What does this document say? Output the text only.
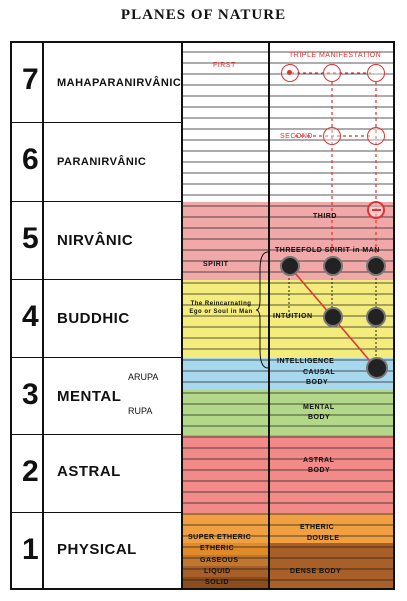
PLANES OF NATURE
7 MAHAPARANIRVÂNIC
6 PARANIRVÂNIC
5 NIRVÂNIC
4 BUDDHIC
3
ARUPA
MENTAL
RUPA
2 ASTRAL
1 PHYSICAL
FIRST
TRIPLE MANIFESTATION
SECOND
THIRD
SPIRIT
THREEFOLD SPIRIT in MAN
The Reincarnating Ego or Soul in Man
INTUITION
INTELLIGENCE
CAUSAL
BODY
MENTAL
BODY
ASTRAL
BODY
ETHERIC
DOUBLE
SUPER ETHERIC
ETHERIC
GASEOUS
LIQUID
SOLID
DENSE BODY
